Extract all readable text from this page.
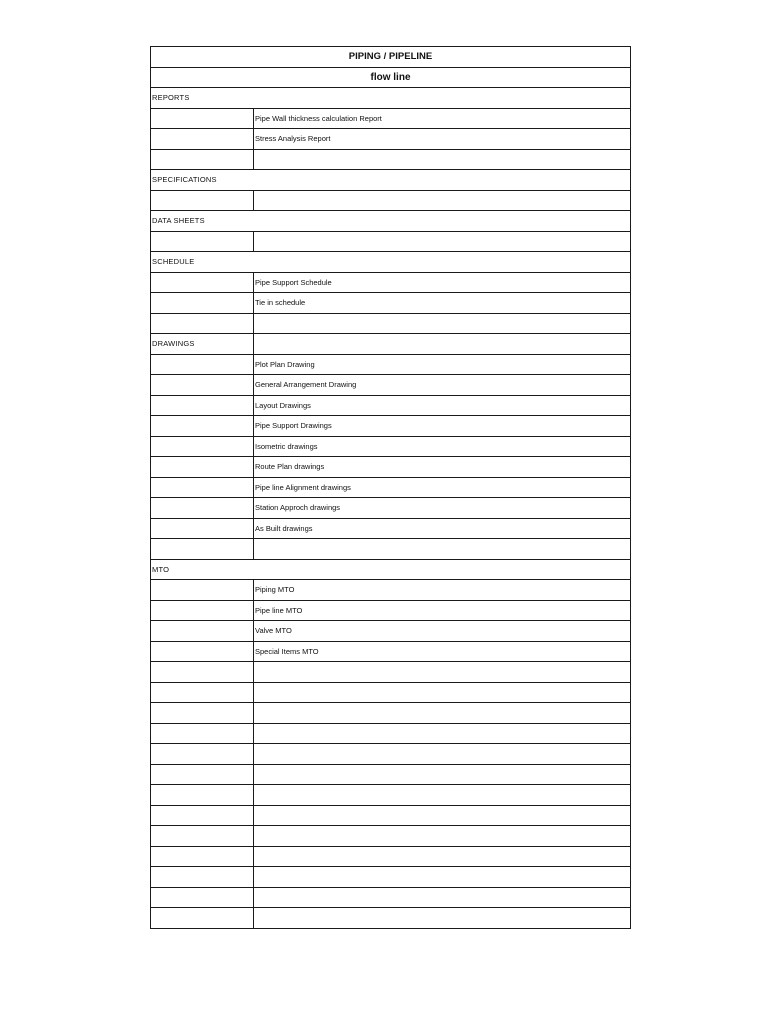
PIPING / PIPELINE	
flow line	
REPORTS	
	Pipe Wall thickness calculation Report
	Stress Analysis Report

SPECIFICATIONS	

DATA SHEETS	

SCHEDULE	
	Pipe Support Schedule
	Tie in schedule

DRAWINGS	
	Plot Plan Drawing
	General Arrangement Drawing
	Layout Drawings
	Pipe Support Drawings
	Isometric drawings
	Route Plan drawings
	Pipe line Alignment drawings
	Station Approch drawings
	As Built drawings

MTO	
	Piping MTO
	Pipe line MTO
	Valve MTO
	Special Items MTO
